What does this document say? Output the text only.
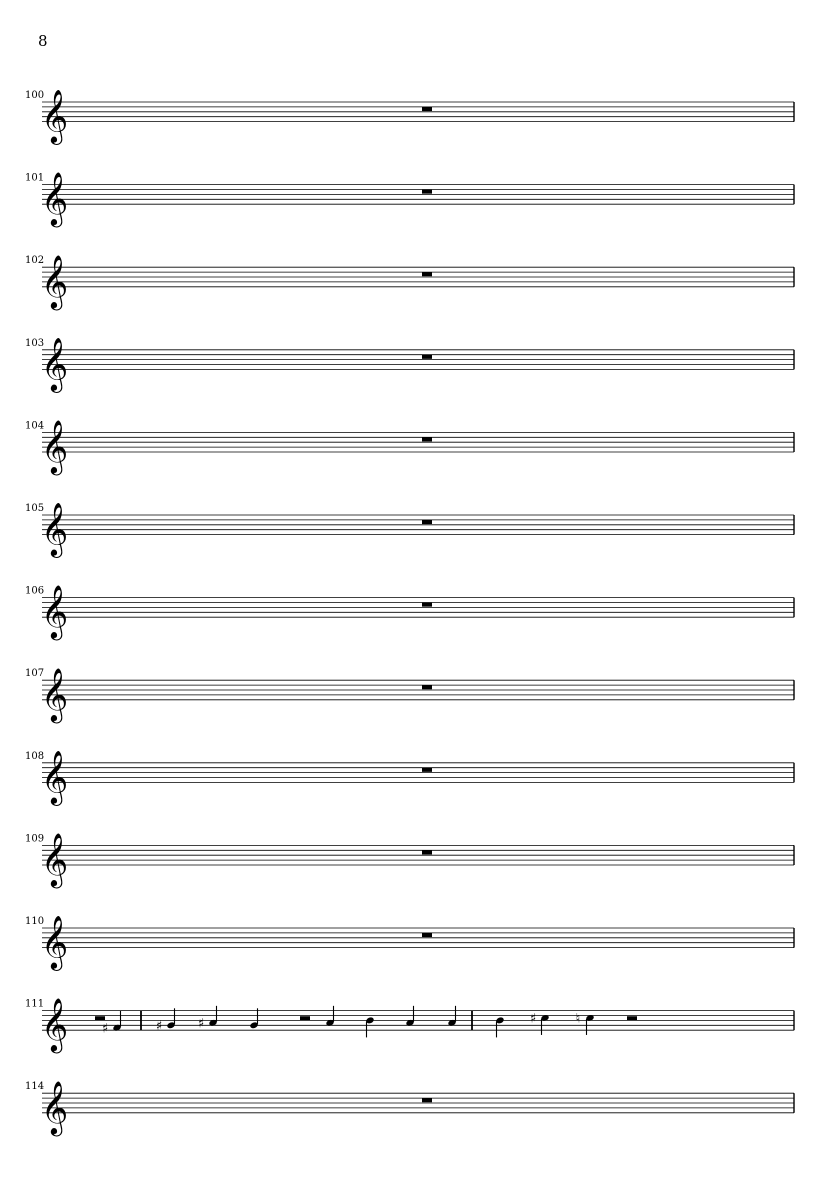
8
100
𝄞
101
𝄞
102
𝄞
103
𝄞
104
𝄞
105
𝄞
106
𝄞
107
𝄞
108
𝄞
109
𝄞
110
𝄞
111
𝄞	♯	♯	♯	♯	♮
114
𝄞
